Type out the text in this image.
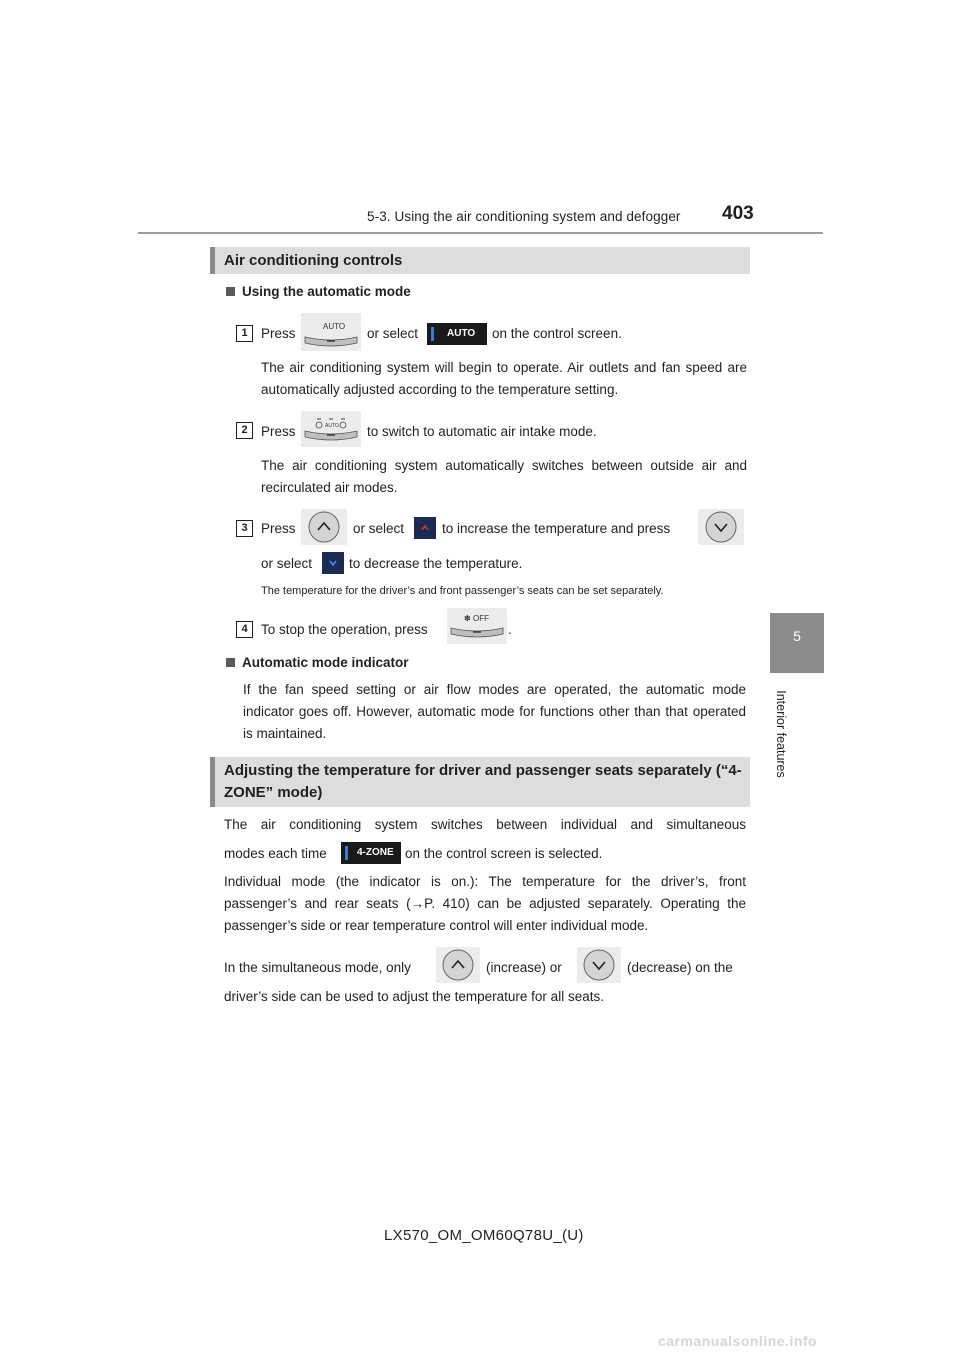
5-3. Using the air conditioning system and defogger 403
5
Interior features
Air conditioning controls
Using the automatic mode
1 Press	AUTO or select	AUTO on the control screen.
The air conditioning system will begin to operate. Air outlets and fan speed are automatically adjusted according to the temperature setting.
2 Press	AUTO to switch to automatic air intake mode.
The air conditioning system automatically switches between outside air and recirculated air modes.
3 Press	or select	to increase the temperature and press
or select	to decrease the temperature.
The temperature for the driver’s and front passenger’s seats can be set separately.
4 To stop the operation, press
✽ OFF
.
Automatic mode indicator
If the fan speed setting or air flow modes are operated, the automatic mode indicator goes off. However, automatic mode for functions other than that operated is maintained.
Adjusting the temperature for driver and passenger seats separately (“4-ZONE” mode)
The air conditioning system switches between individual and simultaneous
modes each time	4-ZONE on the control screen is selected.
Individual mode (the indicator is on.): The temperature for the driver’s, front passenger’s and rear seats (→P. 410) can be adjusted separately. Operating the passenger’s side or rear temperature control will enter individual mode.
In the simultaneous mode, only	(increase) or	(decrease) on the
driver’s side can be used to adjust the temperature for all seats.
LX570_OM_OM60Q78U_(U)
carmanualsonline.info
